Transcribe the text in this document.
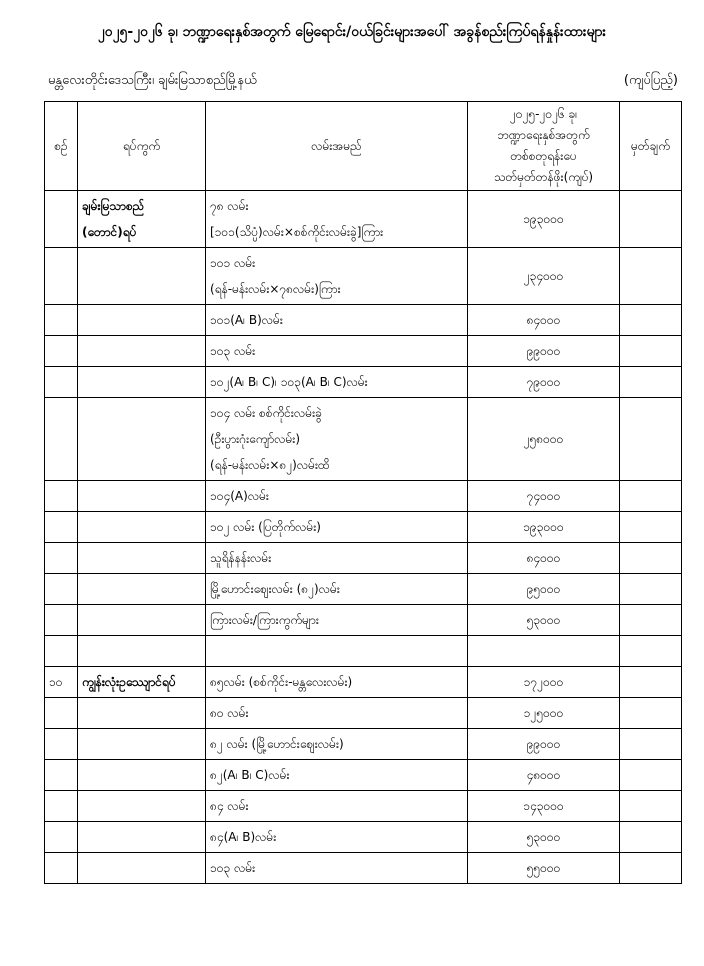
၂၀၂၅-၂၀၂၆ ခု၊ ဘဏ္ဍာရေးနှစ်အတွက် မြေရောင်း/ဝယ်ခြင်းများအပေါ် အခွန်စည်းကြပ်ရန်နှုန်းထားများ
မန္တလေးတိုင်းဒေသကြီး၊ ချမ်းမြသာစည်မြို့နယ်	(ကျပ်ပြည့်)
စဉ်	ရပ်ကွက်	လမ်းအမည်	၂၀၂၅-၂၀၂၆ ခု၊
ဘဏ္ဍာရေးနှစ်အတွက်
တစ်စတုရန်းပေ
သတ်မှတ်တန်ဖိုး(ကျပ်)	မှတ်ချက်

	ချမ်းမြသာစည်
(တောင်)ရပ်	၇၈ လမ်း
[၁၀၁(သိပ္ပံ)လမ်း×စစ်ကိုင်းလမ်းခွဲ]ကြား	၁၉၃၀၀၀	

		၁၀၁ လမ်း
(ရန်-မန်းလမ်း×၇၈လမ်း)ကြား	၂၃၄၀၀၀	

		၁၀၁(A၊ B)လမ်း	၈၄၀၀၀	

		၁၀၃ လမ်း	၉၉၀၀၀	

		၁၀၂(A၊ B၊ C)၊ ၁၀၃(A၊ B၊ C)လမ်း	၇၉၀၀၀	

		၁၀၄ လမ်း စစ်ကိုင်းလမ်းခွဲ
(ဦးပွားဂုံးကျော်လမ်း)
(ရန်-မန်းလမ်း×၈၂)လမ်းထိ	၂၅၈၀၀၀	

		၁၀၄(A)လမ်း	၇၄၀၀၀	

		၁၀၂ လမ်း (ပြတိုက်လမ်း)	၁၉၃၀၀၀	

		သူရိန်နန်းလမ်း	၈၄၀၀၀	

		မြို့ဟောင်းဈေးလမ်း (၈၂)လမ်း	၉၅၀၀၀	

		ကြားလမ်း/ကြားကွက်များ	၅၃၀၀၀	

၁၀	ကျွန်းလုံးဥဿျောင်ရပ်	၈၅လမ်း (စစ်ကိုင်း-မန္တလေးလမ်း)	၁၇၂၀၀၀	

		၈၀ လမ်း	၁၂၅၀၀၀	

		၈၂ လမ်း (မြို့ဟောင်းဈေးလမ်း)	၉၉၀၀၀	

		၈၂(A၊ B၊ C)လမ်း	၄၈၀၀၀	

		၈၄ လမ်း	၁၄၃၀၀၀	

		၈၄(A၊ B)လမ်း	၅၃၀၀၀	

		၁၀၃ လမ်း	၅၅၀၀၀	
